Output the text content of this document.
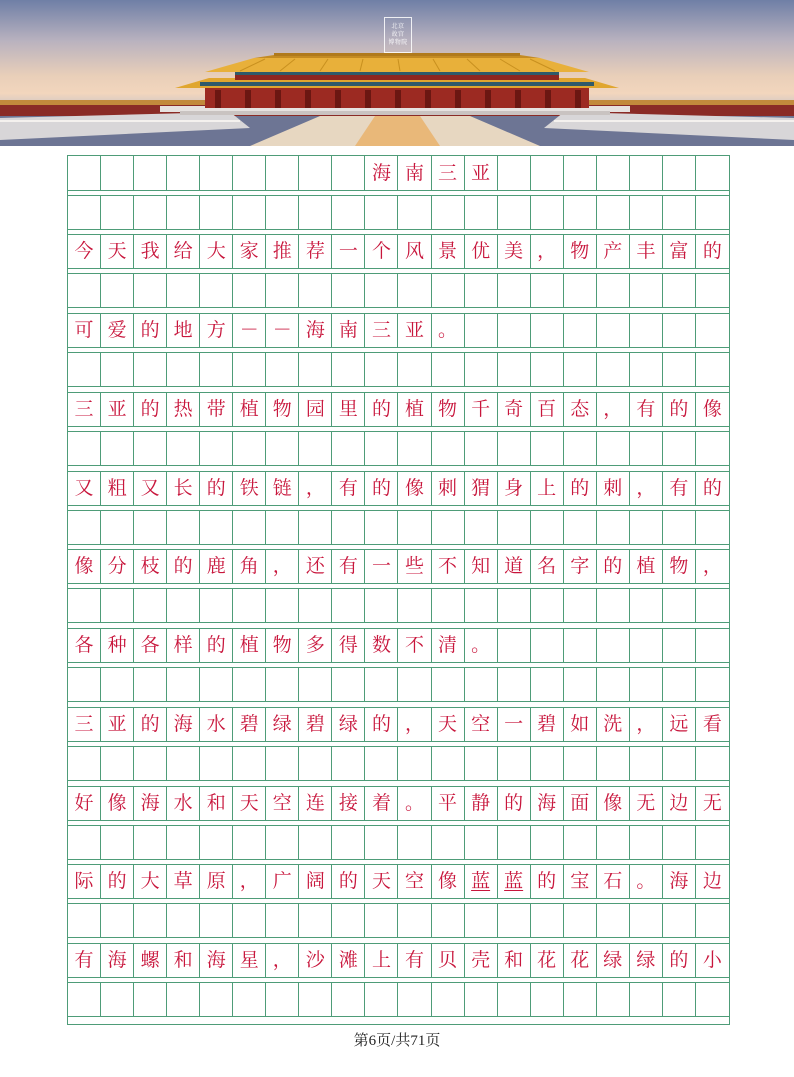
北京
故宫
博物院
海 南 三 亚
今 天 我 给 大 家 推 荐 一 个 风 景 优 美 ， 物 产 丰 富 的
可 爱 的 地 方 － － 海 南 三 亚 。
三 亚 的 热 带 植 物 园 里 的 植 物 千 奇 百 态 ， 有 的 像
又 粗 又 长 的 铁 链 ， 有 的 像 刺 猬 身 上 的 刺 ， 有 的
像 分 枝 的 鹿 角 ， 还 有 一 些 不 知 道 名 字 的 植 物 ，
各 种 各 样 的 植 物 多 得 数 不 清 。
三 亚 的 海 水 碧 绿 碧 绿 的 ， 天 空 一 碧 如 洗 ， 远 看
好 像 海 水 和 天 空 连 接 着 。 平 静 的 海 面 像 无 边 无
际 的 大 草 原 ， 广 阔 的 天 空 像 蓝 蓝 的 宝 石 。 海 边
有 海 螺 和 海 星 ， 沙 滩 上 有 贝 壳 和 花 花 绿 绿 的 小
第6页/共71页
